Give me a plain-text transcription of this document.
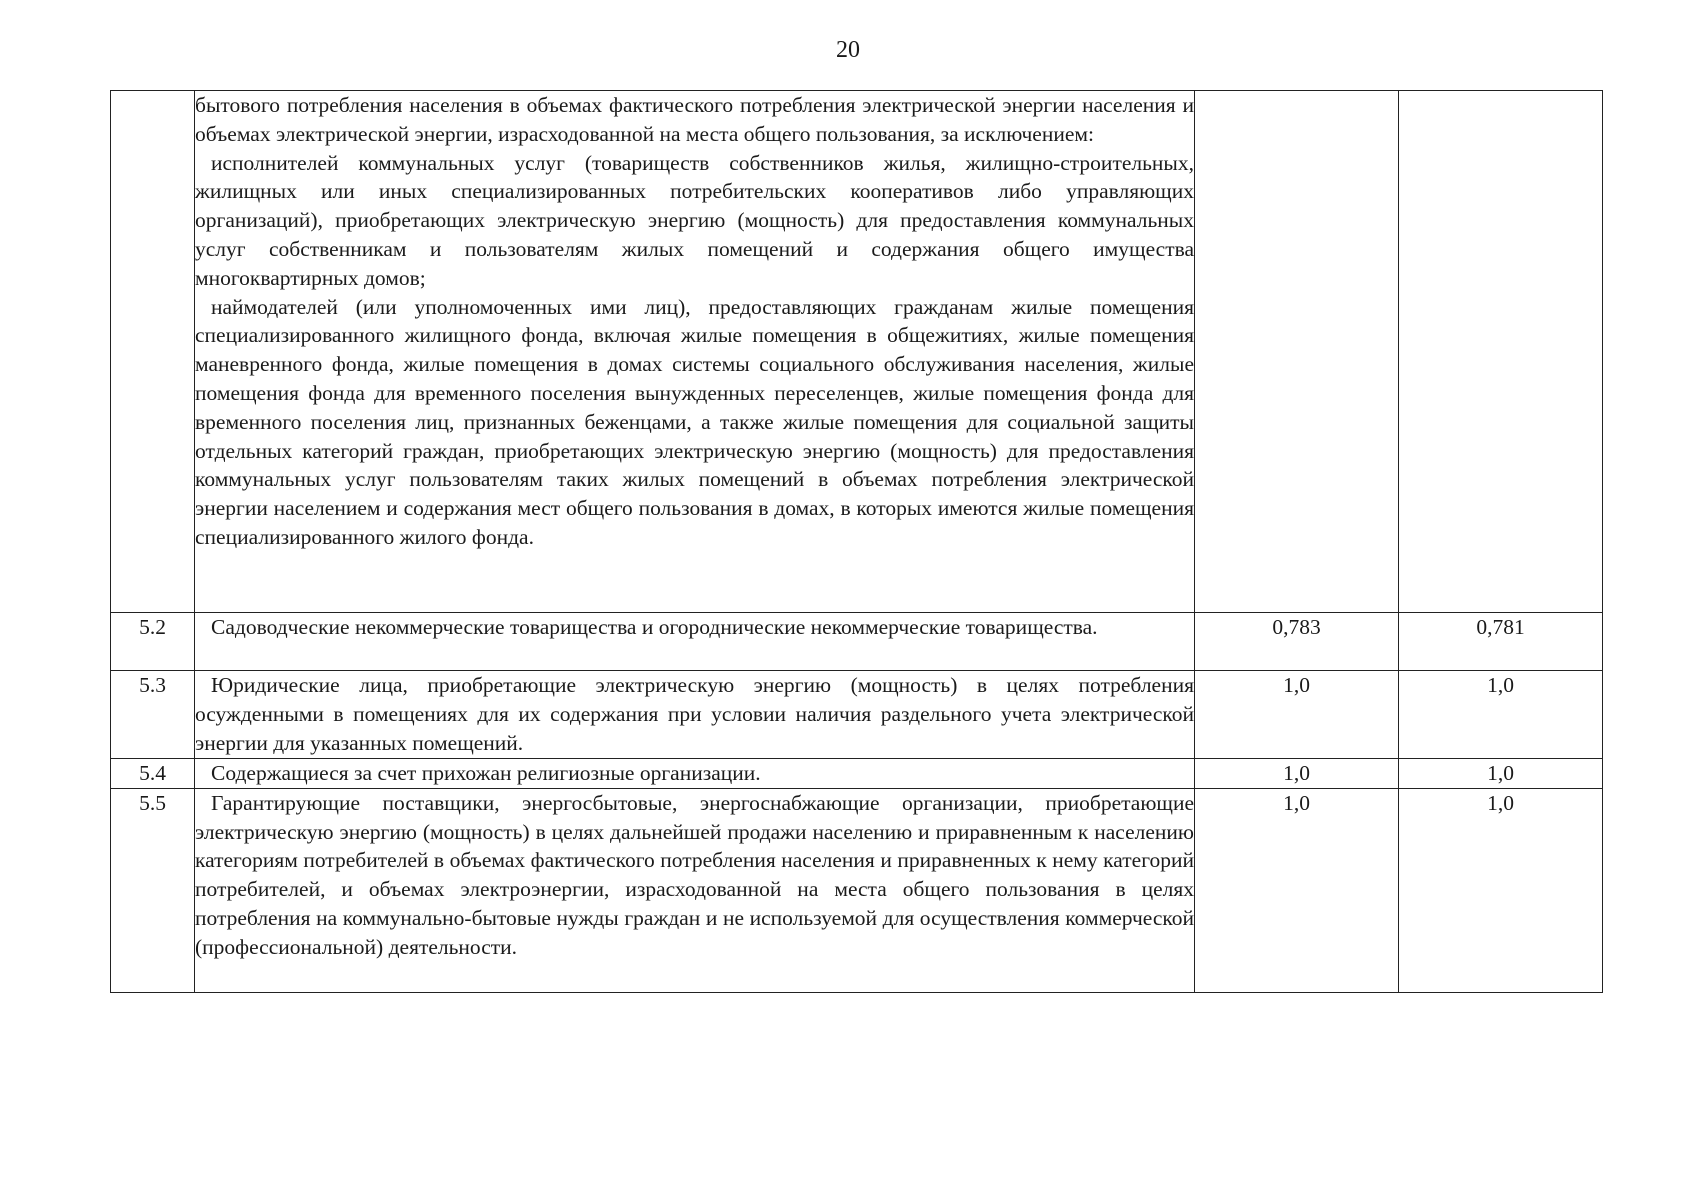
20

	бытового потребления населения в объемах фактического потребления электрической энергии населения и объемах электрической энергии, израсходованной на места общего пользования, за исключением:

исполнителей коммунальных услуг (товариществ собственников жилья, жилищно-строительных, жилищных или иных специализированных потребительских кооперативов либо управляющих организаций), приобретающих электрическую энергию (мощность) для предоставления коммунальных услуг собственникам и пользователям жилых помещений и содержания общего имущества многоквартирных домов;

наймодателей (или уполномоченных ими лиц), предоставляющих гражданам жилые помещения специализированного жилищного фонда, включая жилые помещения в общежитиях, жилые помещения маневренного фонда, жилые помещения в домах системы социального обслуживания населения, жилые помещения фонда для временного поселения вынужденных переселенцев, жилые помещения фонда для временного поселения лиц, признанных беженцами, а также жилые помещения для социальной защиты отдельных категорий граждан, приобретающих электрическую энергию (мощность) для предоставления коммунальных услуг пользователям таких жилых помещений в объемах потребления электрической энергии населением и содержания мест общего пользования в домах, в которых имеются жилые помещения специализированного жилого фонда.		

5.2	Садоводческие некоммерческие товарищества и огороднические некоммерческие товарищества.	0,783	0,781
5.3	Юридические лица, приобретающие электрическую энергию (мощность) в целях потребления осужденными в помещениях для их содержания при условии наличия раздельного учета электрической энергии для указанных помещений.	1,0	1,0
5.4	Содержащиеся за счет прихожан религиозные организации.	1,0	1,0
5.5	Гарантирующие поставщики, энергосбытовые, энергоснабжающие организации, приобретающие электрическую энергию (мощность) в целях дальнейшей продажи населению и приравненным к населению категориям потребителей в объемах фактического потребления населения и приравненных к нему категорий потребителей, и объемах электроэнергии, израсходованной на места общего пользования в целях потребления на коммунально-бытовые нужды граждан и не используемой для осуществления коммерческой (профессиональной) деятельности.	1,0	1,0
